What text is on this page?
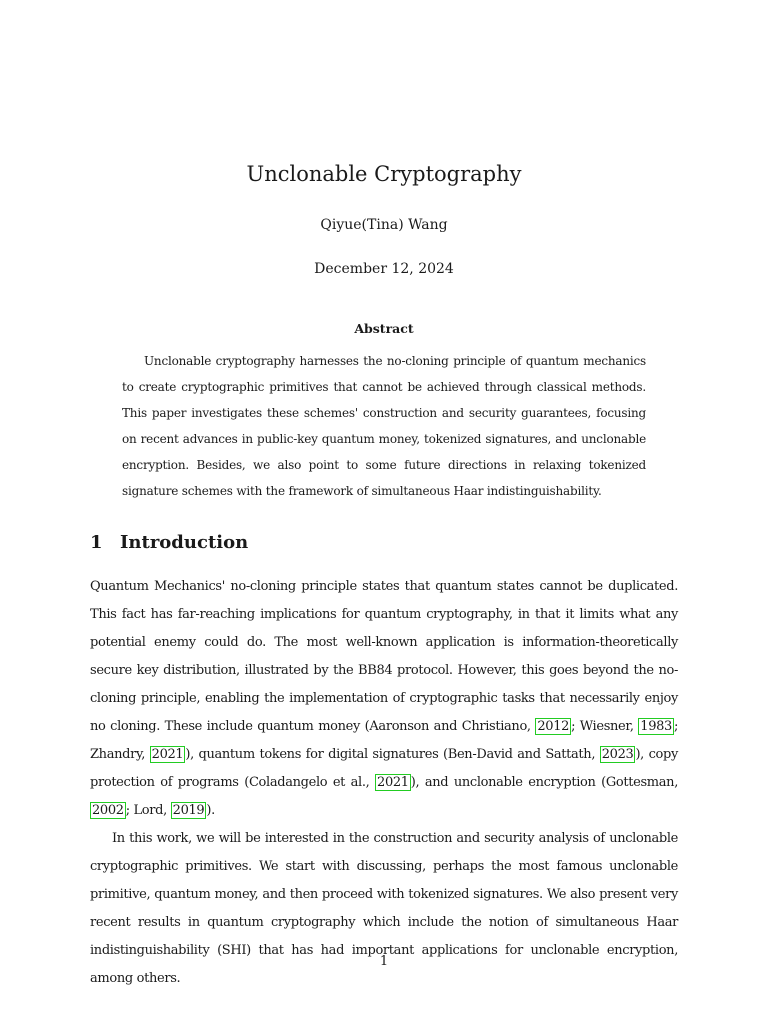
Unclonable Cryptography
Qiyue(Tina) Wang
December 12, 2024
Abstract

Unclonable cryptography harnesses the no-cloning principle of quantum mechanics to create cryptographic primitives that cannot be achieved through classical methods. This paper investigates these schemes' construction and security guarantees, focusing on recent advances in public-key quantum money, tokenized signatures, and unclonable encryption. Besides, we also point to some future directions in relaxing tokenized signature schemes with the framework of simultaneous Haar indistinguishability.

1 Introduction

Quantum Mechanics' no-cloning principle states that quantum states cannot be duplicated. This fact has far-reaching implications for quantum cryptography, in that it limits what any potential enemy could do. The most well-known application is information-theoretically secure key distribution, illustrated by the BB84 protocol. However, this goes beyond the no-cloning principle, enabling the implementation of cryptographic tasks that necessarily enjoy no cloning. These include quantum money (Aaronson and Christiano, 2012 ; Wiesner, 1983 ; Zhandry, 2021 ), quantum tokens for digital signatures (Ben-David and Sattath, 2023 ), copy protection of programs (Coladangelo et al., 2021 ), and unclonable encryption (Gottesman, 2002 ; Lord, 2019 ).

In this work, we will be interested in the construction and security analysis of unclonable cryptographic primitives. We start with discussing, perhaps the most famous unclonable primitive, quantum money, and then proceed with tokenized signatures. We also present very recent results in quantum cryptography which include the notion of simultaneous Haar indistinguishability (SHI) that has had important applications for unclonable encryption, among others.

1
